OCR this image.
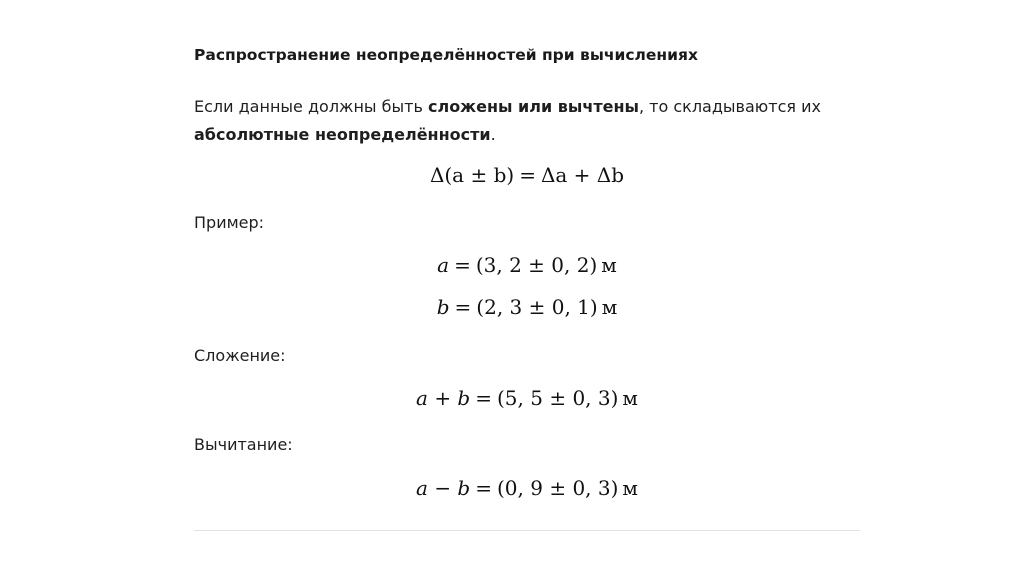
Распространение неопределённостей при вычислениях
Если данные должны быть сложены или вычтены, то складываются их абсолютные неопределённости.
Δ(a ± b) = Δa + Δb
Пример:
a = (3, 2 ± 0, 2) м
b = (2, 3 ± 0, 1) м
Сложение:
a + b = (5, 5 ± 0, 3) м
Вычитание:
a − b = (0, 9 ± 0, 3) м
